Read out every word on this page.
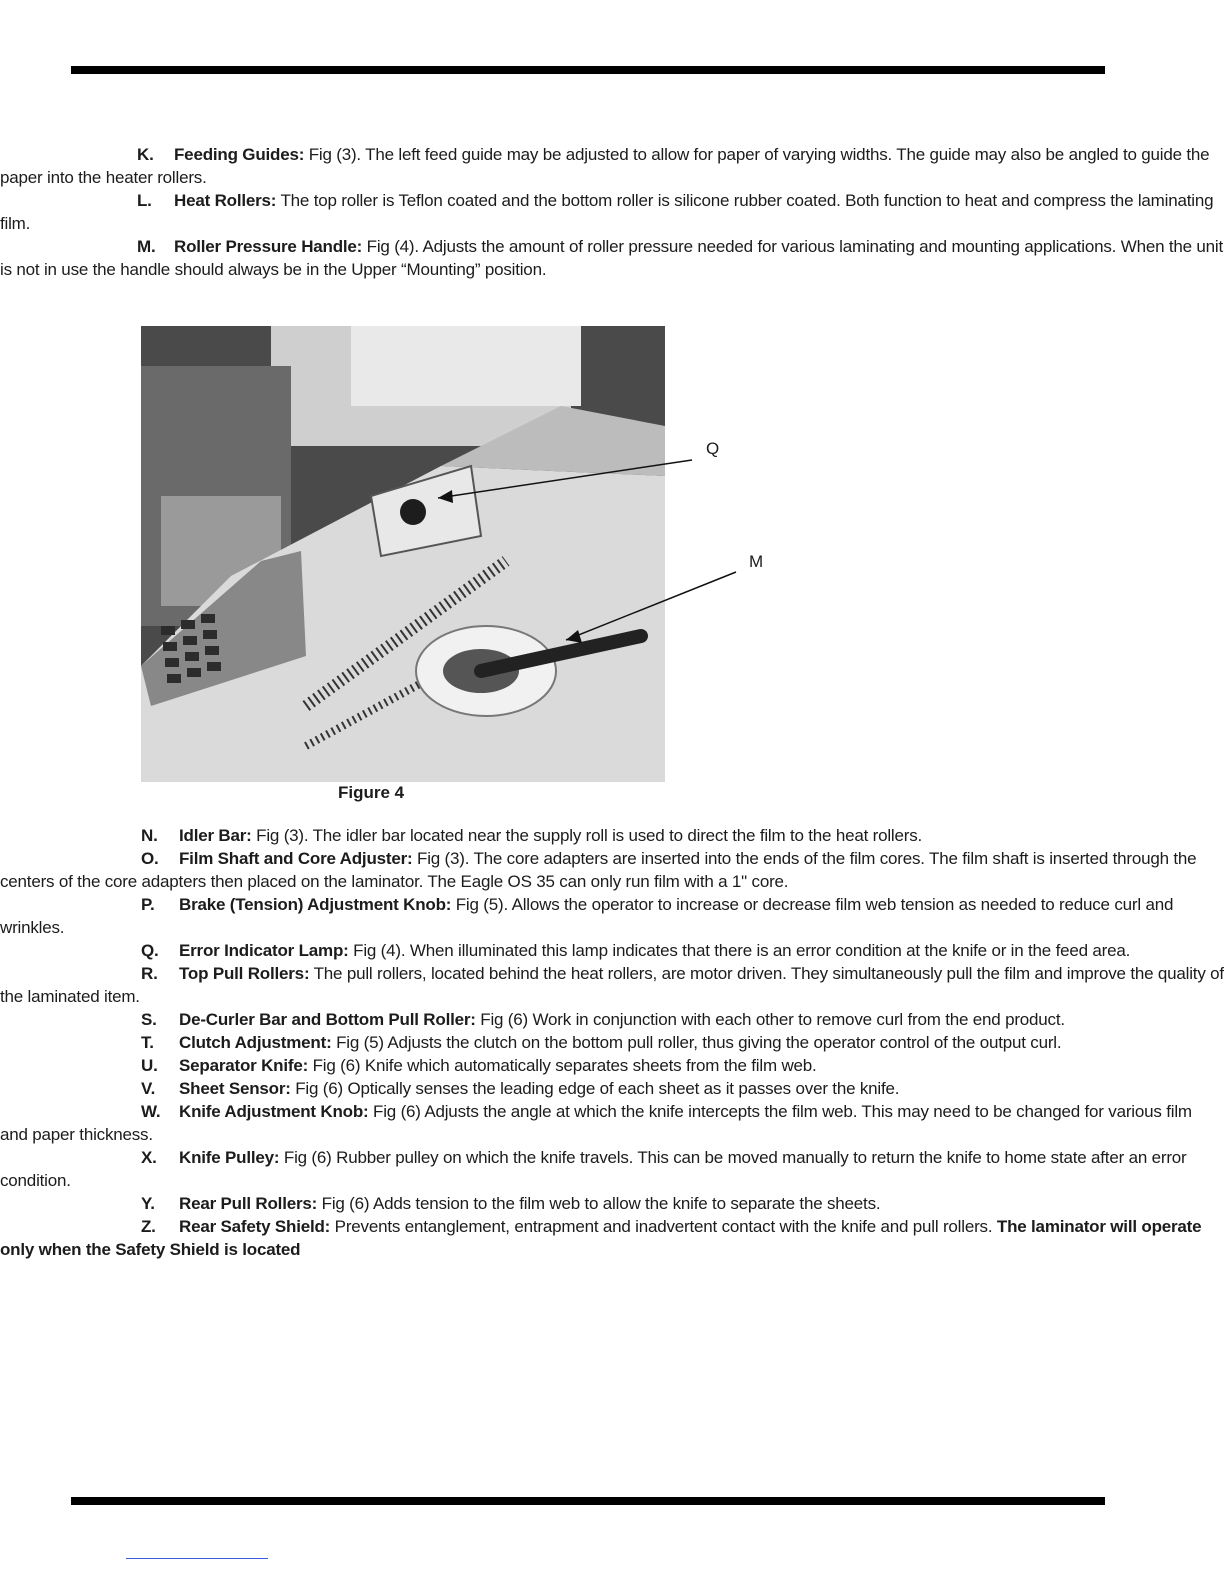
K. Feeding Guides: Fig (3). The left feed guide may be adjusted to allow for paper of varying widths. The guide may also be angled to guide the paper into the heater rollers.

L. Heat Rollers: The top roller is Teflon coated and the bottom roller is silicone rubber coated. Both function to heat and compress the laminating film.

M. Roller Pressure Handle: Fig (4). Adjusts the amount of roller pressure needed for various laminating and mounting applications. When the unit is not in use the handle should always be in the Upper “Mounting” position.

Q
M
Figure 4

N. Idler Bar: Fig (3). The idler bar located near the supply roll is used to direct the film to the heat rollers.

O. Film Shaft and Core Adjuster: Fig (3). The core adapters are inserted into the ends of the film cores. The film shaft is inserted through the centers of the core adapters then placed on the laminator. The Eagle OS 35 can only run film with a 1" core.

P. Brake (Tension) Adjustment Knob: Fig (5). Allows the operator to increase or decrease film web tension as needed to reduce curl and wrinkles.

Q. Error Indicator Lamp: Fig (4). When illuminated this lamp indicates that there is an error condition at the knife or in the feed area.

R. Top Pull Rollers: The pull rollers, located behind the heat rollers, are motor driven. They simultaneously pull the film and improve the quality of the laminated item.

S. De-Curler Bar and Bottom Pull Roller: Fig (6) Work in conjunction with each other to remove curl from the end product.

T. Clutch Adjustment: Fig (5) Adjusts the clutch on the bottom pull roller, thus giving the operator control of the output curl.

U. Separator Knife: Fig (6) Knife which automatically separates sheets from the film web.

V. Sheet Sensor: Fig (6) Optically senses the leading edge of each sheet as it passes over the knife.

W. Knife Adjustment Knob: Fig (6) Adjusts the angle at which the knife intercepts the film web. This may need to be changed for various film and paper thickness.

X. Knife Pulley: Fig (6) Rubber pulley on which the knife travels. This can be moved manually to return the knife to home state after an error condition.

Y. Rear Pull Rollers: Fig (6) Adds tension to the film web to allow the knife to separate the sheets.

Z. Rear Safety Shield: Prevents entanglement, entrapment and inadvertent contact with the knife and pull rollers. The laminator will operate only when the Safety Shield is located
